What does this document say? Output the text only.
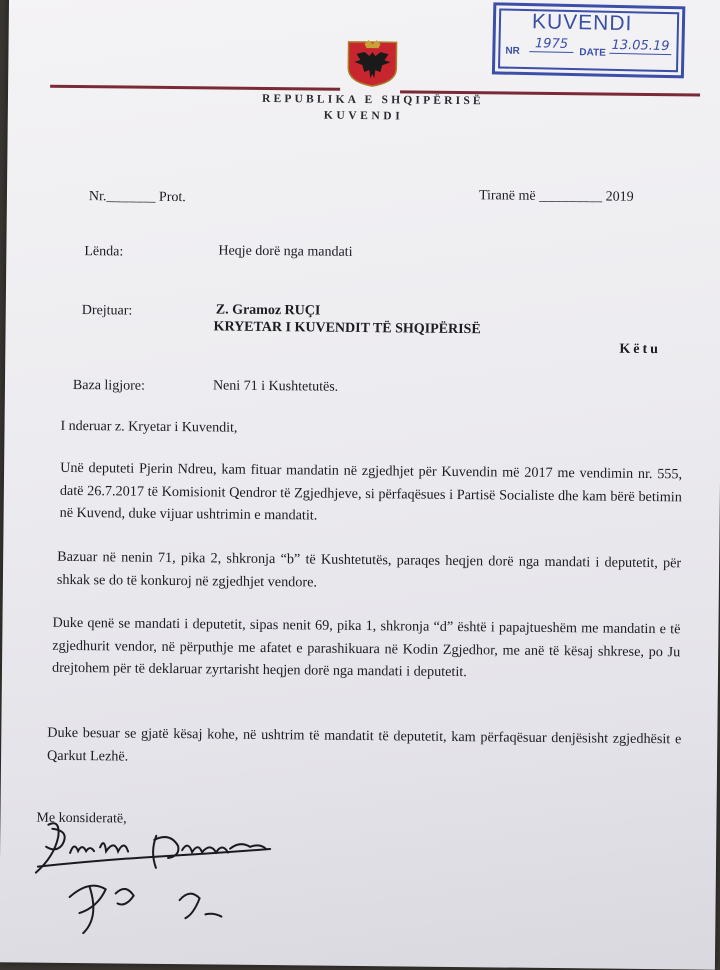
KUVENDI
NR	1975
DATE 13.05.19
REPUBLIKA E SHQIPËRISË
KUVENDI
Nr._______ Prot.	Tiranë më _________ 2019
Lënda:	Heqje dorë nga mandati
Drejtuar:	Z. Gramoz RUÇI
KRYETAR I KUVENDIT TË SHQIPËRISË
Këtu
Baza ligjore:	Neni 71 i Kushtetutës.
I nderuar z. Kryetar i Kuvendit,
Unë deputeti Pjerin Ndreu, kam fituar mandatin në zgjedhjet për Kuvendin më 2017 me vendimin nr. 555, datë 26.7.2017 të Komisionit Qendror të Zgjedhjeve, si përfaqësues i Partisë Socialiste dhe kam bërë betimin në Kuvend, duke vijuar ushtrimin e mandatit.
Bazuar në nenin 71, pika 2, shkronja “b” të Kushtetutës, paraqes heqjen dorë nga mandati i deputetit, për shkak se do të konkuroj në zgjedhjet vendore.
Duke qenë se mandati i deputetit, sipas nenit 69, pika 1, shkronja “d” është i papajtueshëm me mandatin e të zgjedhurit vendor, në përputhje me afatet e parashikuara në Kodin Zgjedhor, me anë të kësaj shkrese, po Ju drejtohem për të deklaruar zyrtarisht heqjen dorë nga mandati i deputetit.
Duke besuar se gjatë kësaj kohe, në ushtrim të mandatit të deputetit, kam përfaqësuar denjësisht zgjedhësit e Qarkut Lezhë.
Me konsideratë,
